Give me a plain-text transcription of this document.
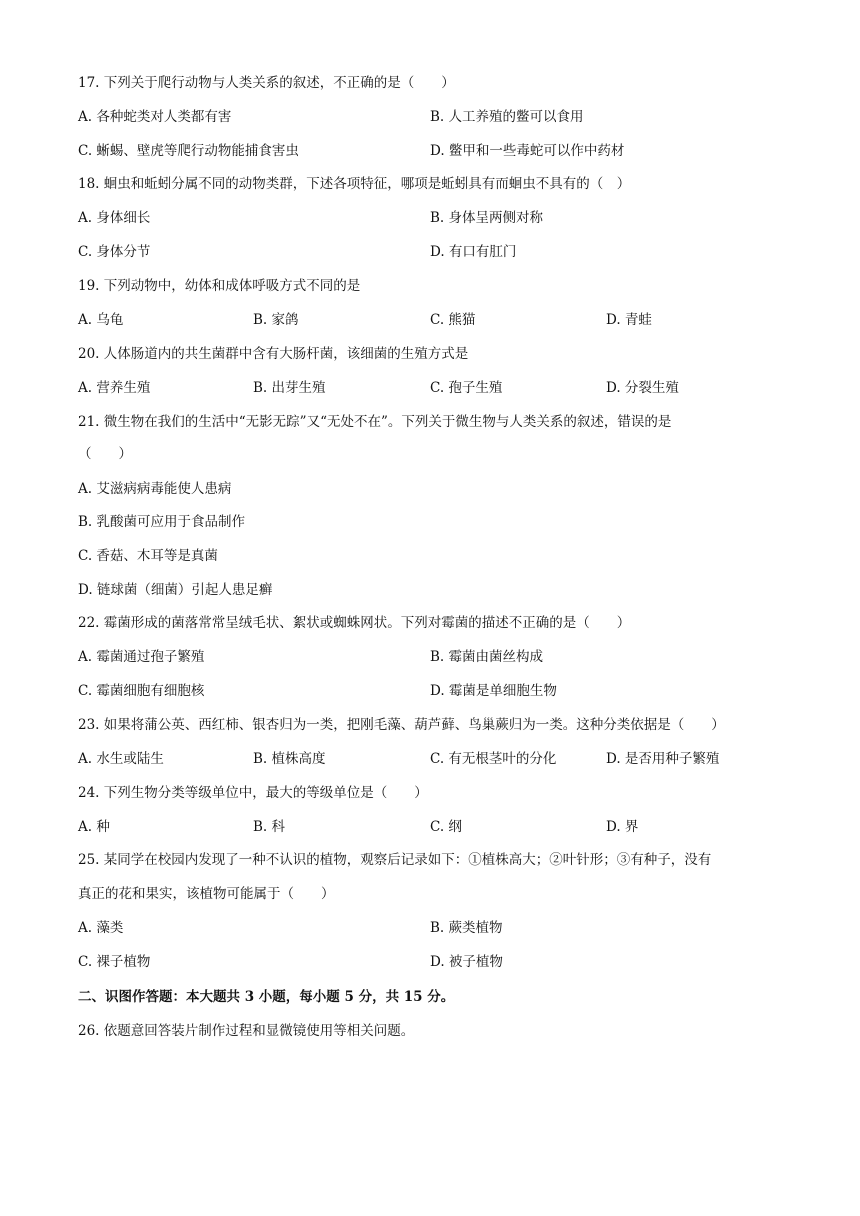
17. 下列关于爬行动物与人类关系的叙述，不正确的是（　　）
A. 各种蛇类对人类都有害	B. 人工养殖的鳖可以食用
C. 蜥蜴、壁虎等爬行动物能捕食害虫	D. 鳖甲和一些毒蛇可以作中药材
18. 蛔虫和蚯蚓分属不同的动物类群，下述各项特征，哪项是蚯蚓具有而蛔虫不具有的（　）
A. 身体细长	B. 身体呈两侧对称
C. 身体分节	D. 有口有肛门
19. 下列动物中，幼体和成体呼吸方式不同的是
A. 乌龟	B. 家鸽	C. 熊猫	D. 青蛙
20. 人体肠道内的共生菌群中含有大肠杆菌，该细菌的生殖方式是
A. 营养生殖	B. 出芽生殖	C. 孢子生殖	D. 分裂生殖
21. 微生物在我们的生活中“无影无踪”又“无处不在”。下列关于微生物与人类关系的叙述，错误的是
（　　）
A. 艾滋病病毒能使人患病
B. 乳酸菌可应用于食品制作
C. 香菇、木耳等是真菌
D. 链球菌（细菌）引起人患足癣
22. 霉菌形成的菌落常常呈绒毛状、絮状或蜘蛛网状。下列对霉菌的描述不正确的是（　　）
A. 霉菌通过孢子繁殖	B. 霉菌由菌丝构成
C. 霉菌细胞有细胞核	D. 霉菌是单细胞生物
23. 如果将蒲公英、西红柿、银杏归为一类，把刚毛藻、葫芦藓、鸟巢蕨归为一类。这种分类依据是（　　）
A. 水生或陆生	B. 植株高度	C. 有无根茎叶的分化	D. 是否用种子繁殖
24. 下列生物分类等级单位中，最大的等级单位是（　　）
A. 种	B. 科	C. 纲	D. 界
25. 某同学在校园内发现了一种不认识的植物，观察后记录如下：①植株高大；②叶针形；③有种子，没有
真正的花和果实，该植物可能属于（　　）
A. 藻类	B. 蕨类植物
C. 裸子植物	D. 被子植物
二、识图作答题：本大题共 3 小题，每小题 5 分，共 15 分。
26. 依题意回答装片制作过程和显微镜使用等相关问题。
